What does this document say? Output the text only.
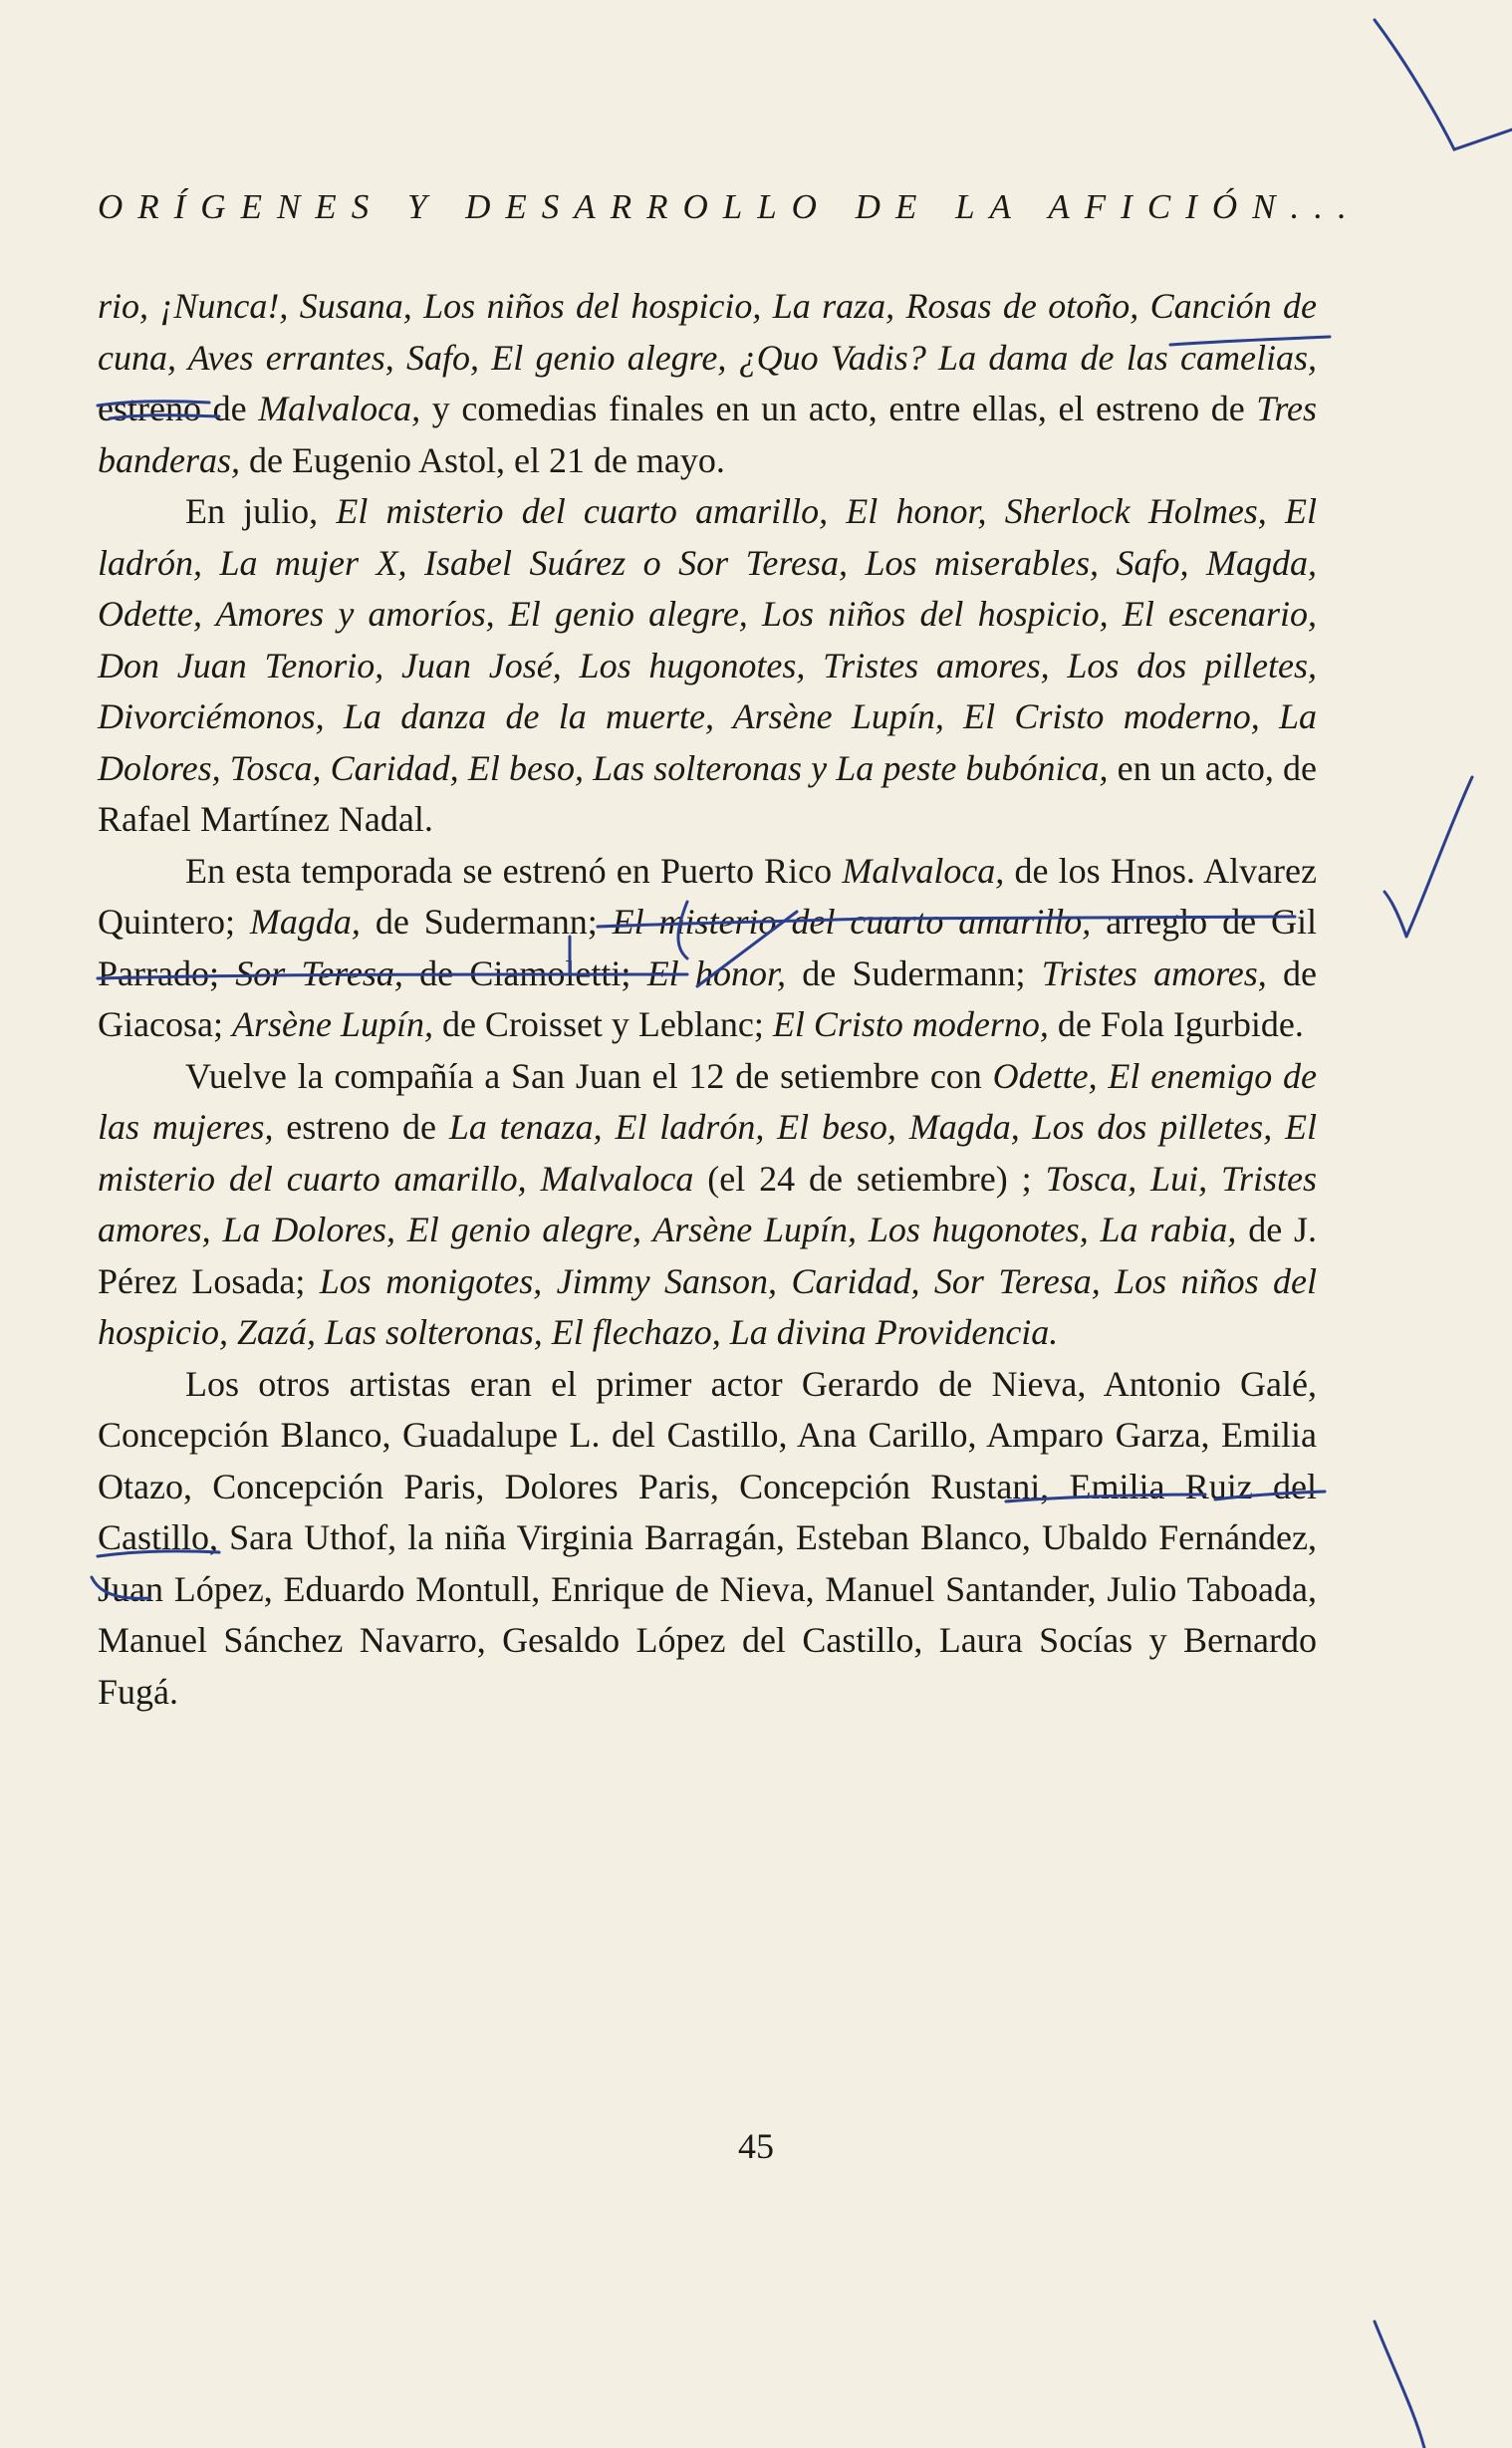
ORÍGENES Y DESARROLLO DE LA AFICIÓN...

rio, ¡Nunca!, Susana, Los niños del hospicio, La raza, Rosas de otoño, Canción de cuna, Aves errantes, Safo, El genio alegre, ¿Quo Vadis? La dama de las camelias, estreno de Malvaloca, y comedias finales en un acto, entre ellas, el estreno de Tres banderas, de Eugenio Astol, el 21 de mayo.

En julio, El misterio del cuarto amarillo, El honor, Sherlock Holmes, El ladrón, La mujer X, Isabel Suárez o Sor Teresa, Los miserables, Safo, Magda, Odette, Amores y amoríos, El genio alegre, Los niños del hospicio, El escenario, Don Juan Tenorio, Juan José, Los hugonotes, Tristes amores, Los dos pilletes, Divorciémonos, La danza de la muerte, Arsène Lupín, El Cristo moderno, La Dolores, Tosca, Caridad, El beso, Las solteronas y La peste bubónica, en un acto, de Rafael Martínez Nadal.

En esta temporada se estrenó en Puerto Rico Malvaloca, de los Hnos. Alvarez Quintero; Magda, de Sudermann; El misterio del cuarto amarillo, arreglo de Gil Parrado; Sor Teresa, de Ciamoletti; El honor, de Sudermann; Tristes amores, de Giacosa; Arsène Lupín, de Croisset y Leblanc; El Cristo moderno, de Fola Igurbide.

Vuelve la compañía a San Juan el 12 de setiembre con Odette, El enemigo de las mujeres, estreno de La tenaza, El ladrón, El beso, Magda, Los dos pilletes, El misterio del cuarto amarillo, Malvaloca (el 24 de setiembre) ; Tosca, Lui, Tristes amores, La Dolores, El genio alegre, Arsène Lupín, Los hugonotes, La rabia, de J. Pérez Losada; Los monigotes, Jimmy Sanson, Caridad, Sor Teresa, Los niños del hospicio, Zazá, Las solteronas, El flechazo, La divina Providencia.

Los otros artistas eran el primer actor Gerardo de Nieva, Antonio Galé, Concepción Blanco, Guadalupe L. del Castillo, Ana Carillo, Amparo Garza, Emilia Otazo, Concepción Paris, Dolores Paris, Concepción Rustani, Emilia Ruiz del Castillo, Sara Uthof, la niña Virginia Barragán, Esteban Blanco, Ubaldo Fernández, Juan López, Eduardo Montull, Enrique de Nieva, Manuel Santander, Julio Taboada, Manuel Sánchez Navarro, Gesaldo López del Castillo, Laura Socías y Bernardo Fugá.

45
